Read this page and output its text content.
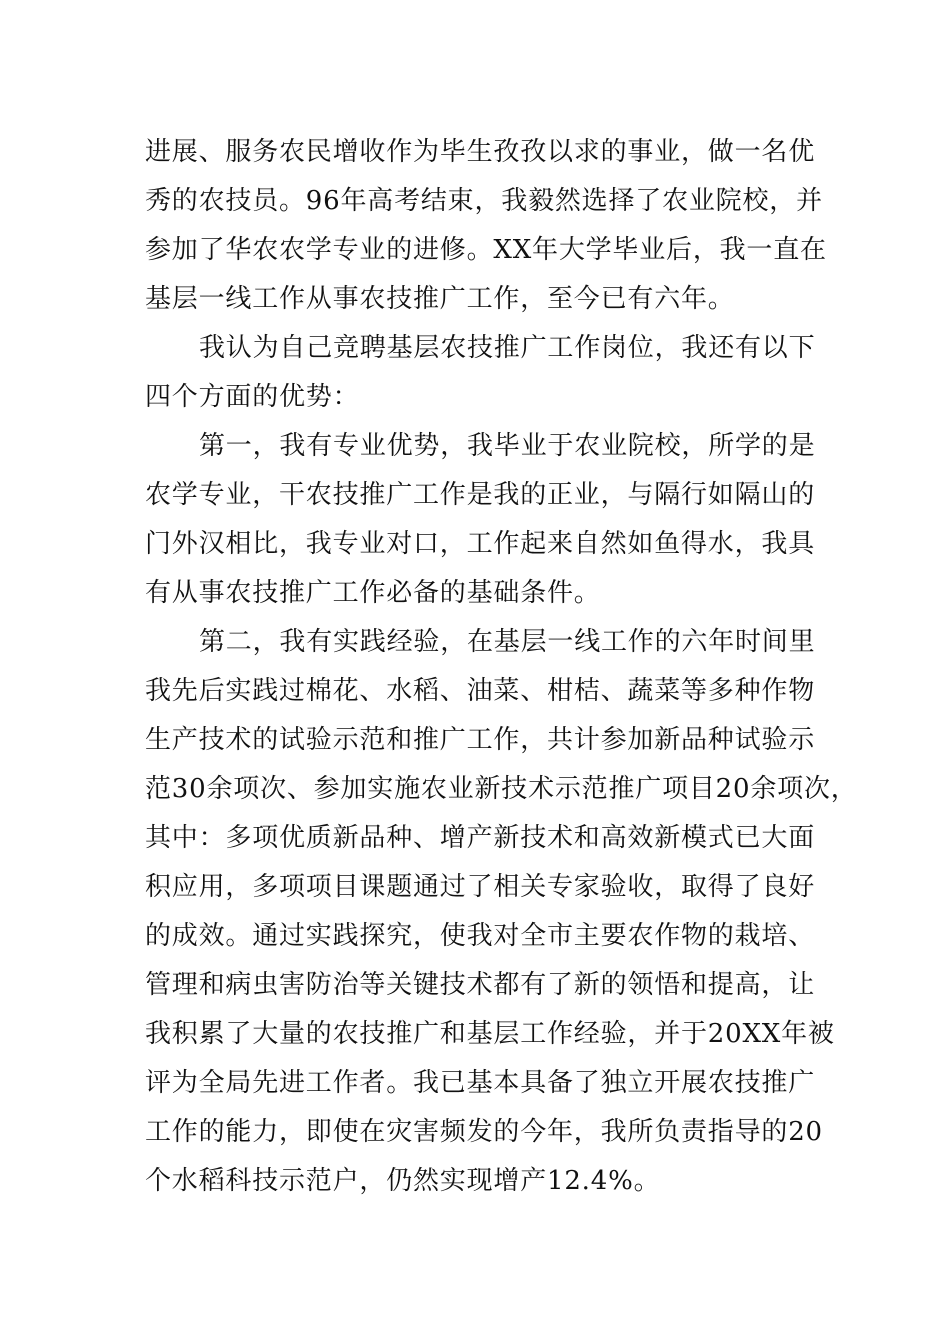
进展、服务农民增收作为毕生孜孜以求的事业，做一名优
秀的农技员。96年高考结束，我毅然选择了农业院校，并
参加了华农农学专业的进修。XX年大学毕业后，我一直在
基层一线工作从事农技推广工作，至今已有六年。
我认为自己竞聘基层农技推广工作岗位，我还有以下
四个方面的优势：
第一，我有专业优势，我毕业于农业院校，所学的是
农学专业，干农技推广工作是我的正业，与隔行如隔山的
门外汉相比，我专业对口，工作起来自然如鱼得水，我具
有从事农技推广工作必备的基础条件。
第二，我有实践经验，在基层一线工作的六年时间里
我先后实践过棉花、水稻、油菜、柑桔、蔬菜等多种作物
生产技术的试验示范和推广工作，共计参加新品种试验示
范30余项次、参加实施农业新技术示范推广项目20余项次，
其中：多项优质新品种、增产新技术和高效新模式已大面
积应用，多项项目课题通过了相关专家验收，取得了良好
的成效。通过实践探究，使我对全市主要农作物的栽培、
管理和病虫害防治等关键技术都有了新的领悟和提高，让
我积累了大量的农技推广和基层工作经验，并于20XX年被
评为全局先进工作者。我已基本具备了独立开展农技推广
工作的能力，即使在灾害频发的今年，我所负责指导的20
个水稻科技示范户，仍然实现增产12.4%。
